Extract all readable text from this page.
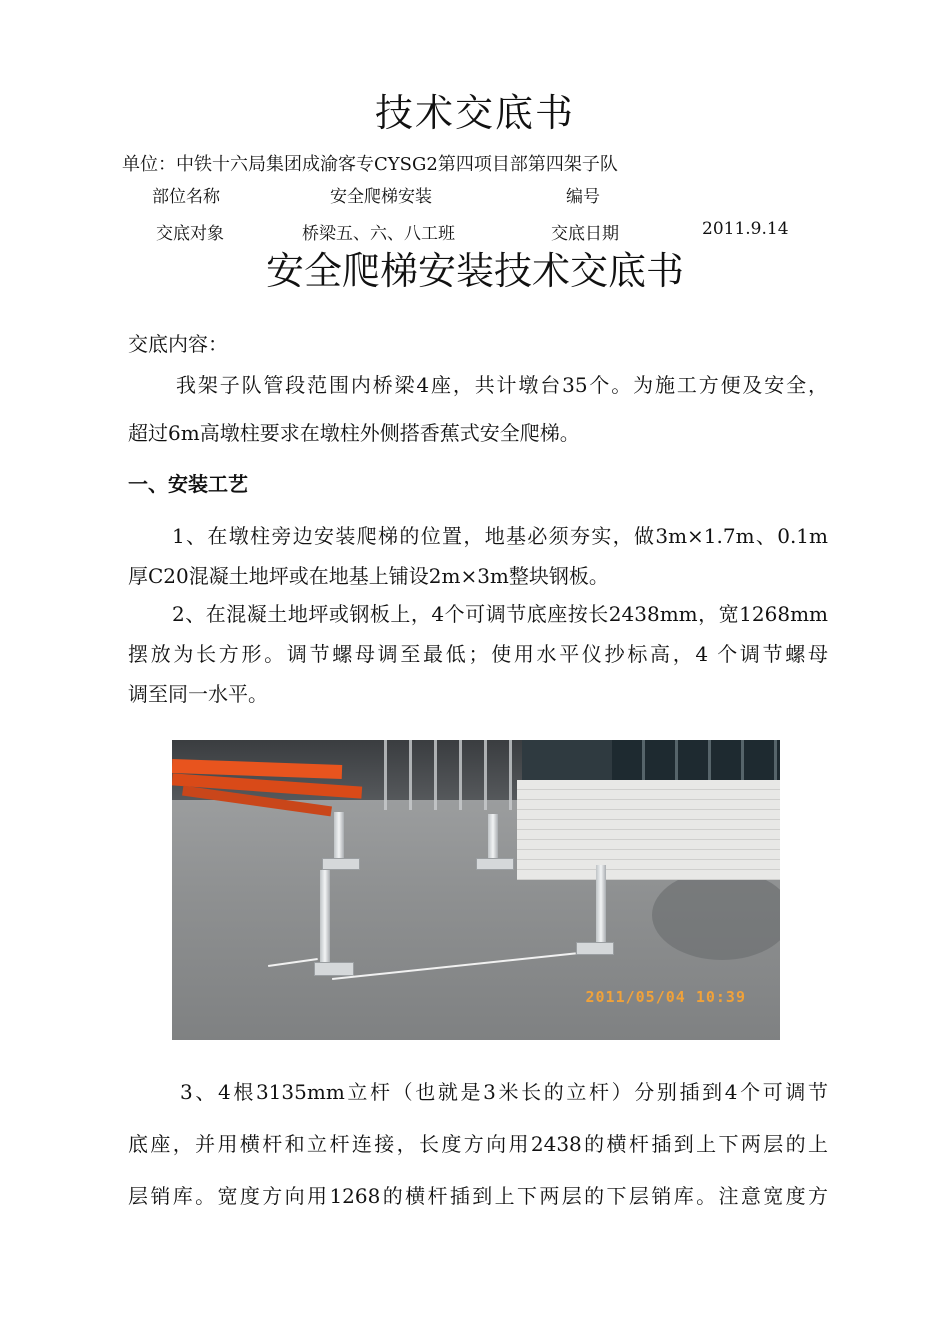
技术交底书
单位：中铁十六局集团成渝客专CYSG2第四项目部第四架子队
部位名称	安全爬梯安装	编号
交底对象	桥梁五、六、八工班	交底日期	2011.9.14
安全爬梯安装技术交底书
交底内容：
我架子队管段范围内桥梁4座，共计墩台35个。为施工方便及安全，
超过6m高墩柱要求在墩柱外侧搭香蕉式安全爬梯。
一、安装工艺
1、在墩柱旁边安装爬梯的位置，地基必须夯实，做3m×1.7m、0.1m
厚C20混凝土地坪或在地基上铺设2m×3m整块钢板。
2、在混凝土地坪或钢板上，4个可调节底座按长2438mm，宽1268mm
摆放为长方形。调节螺母调至最低；使用水平仪抄标高，4 个调节螺母
调至同一水平。
2011/05/04 10:39
3、4根3135mm立杆（也就是3米长的立杆）分别插到4个可调节
底座，并用横杆和立杆连接，长度方向用2438的横杆插到上下两层的上
层销库。宽度方向用1268的横杆插到上下两层的下层销库。注意宽度方
